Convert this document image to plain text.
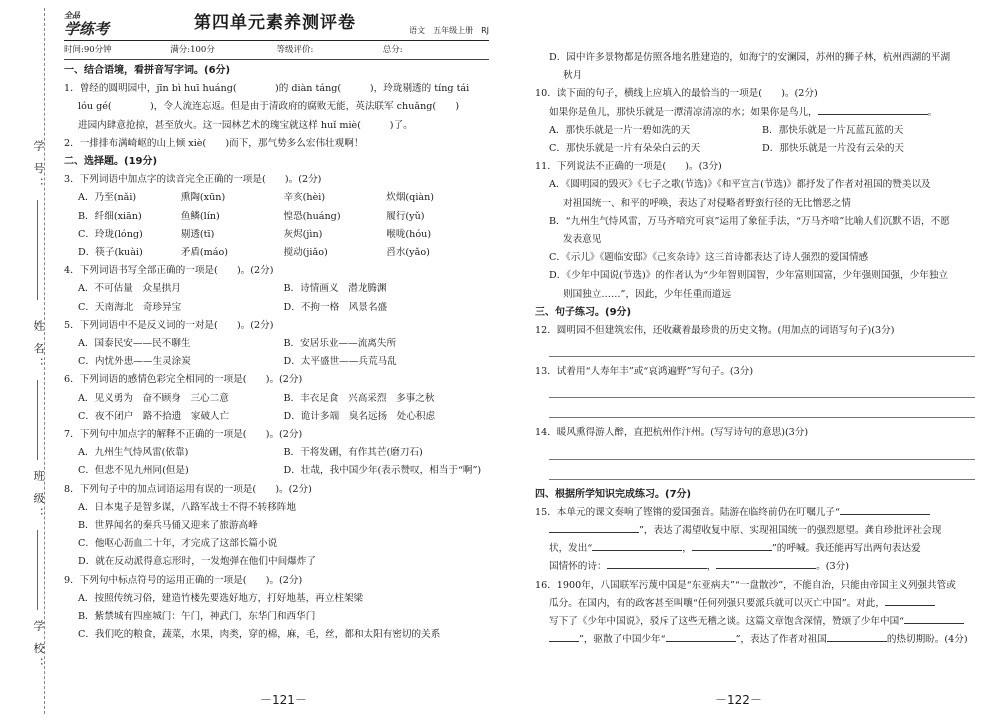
学 号：
姓 名：
班 级：
学 校：
全品
学练考	第四单元素养测评卷	语文　五年级上册　RJ
时间:90分钟	满分:100分	等级评价:	总分:
一、结合语境，看拼音写字词。(6分)
1．曾经的圆明园中，jīn bì huī huáng(　　　　)的 diàn táng(　　　)，玲珑剔透的 tíng tái
lóu gé(　　　　)，令人流连忘返。但是由于清政府的腐败无能，英法联军 chuǎng(　　)
进园内肆意抢掠，甚至放火。这一园林艺术的瑰宝就这样 huǐ miè(　　　)了。
2．一排排布满崎岖的山上倾 xiè(　　)而下，那气势多么宏伟壮观啊！
二、选择题。(19分)
3．下列词语中加点字的读音完全正确的一项是(　　)。(2分)
A．乃至(nǎi)	熏陶(xūn)	辛亥(hèi)	炊烟(qiàn)
B．纤细(xiān)	鱼鳞(lín)	惶恐(huáng)	履行(yǔ)
C．玲珑(lóng)	剔透(tī)	灰烬(jìn)	喉咙(hóu)
D．筷子(kuài)	矛盾(máo)	搅动(jiǎo)	舀水(yǎo)
4．下列词语书写全部正确的一项是(　　)。(2分)
A．不可估量　众星拱月	B．诗情画义　潜龙腾渊
C．天南海北　奇珍异宝	D．不拘一格　风景名盛
5．下列词语中不是反义词的一对是(　　)。(2分)
A．国泰民安——民不聊生	B．安居乐业——流离失所
C．内忧外患——生灵涂炭	D．太平盛世——兵荒马乱
6．下列词语的感情色彩完全相同的一项是(　　)。(2分)
A．见义勇为　奋不顾身　三心二意	B．丰衣足食　兴高采烈　多事之秋
C．夜不闭户　路不拾遗　家破人亡	D．诡计多端　臭名远扬　处心积虑
7．下列句中加点字的解释不正确的一项是(　　)。(2分)
A．九州生气恃风雷(依靠)	B．干将发硎，有作其芒(磨刀石)
C．但悲不见九州同(但是)	D．壮哉，我中国少年(表示赞叹，相当于“啊”)
8．下列句子中的加点词语运用有误的一项是(　　)。(2分)
A．日本鬼子是智多谋，八路军战士不得不转移阵地
B．世界闻名的秦兵马俑又迎来了旅游高峰
C．他呕心沥血二十年，才完成了这部长篇小说
D．就在反动派得意忘形时，一发炮弹在他们中间爆炸了
9．下列句中标点符号的运用正确的一项是(　　)。(2分)
A．按照传统习俗，建造竹楼先要选好地方，打好地基，再立柱架梁
B．紫禁城有四座城门：午门，神武门，东华门和西华门
C．我们吃的粮食，蔬菜，水果，肉类，穿的棉，麻，毛，丝，都和太阳有密切的关系
－121－
D．园中许多景物都是仿照各地名胜建造的，如海宁的安澜园，苏州的狮子林，杭州西湖的平湖
秋月
10．读下面的句子，横线上应填入的最恰当的一项是(　　)。(2分)
如果你是鱼儿，那快乐就是一潭清凉清凉的水；如果你是鸟儿，	。
A．那快乐就是一片一碧如洗的天	B．那快乐就是一片瓦蓝瓦蓝的天
C．那快乐就是一片有朵朵白云的天	D．那快乐就是一片没有云朵的天
11．下列说法不正确的一项是(　　)。(3分)
A．《圆明园的毁灭》《七子之歌(节选)》《和平宣言(节选)》都抒发了作者对祖国的赞美以及
对祖国统一、和平的呼唤，表达了对侵略者野蛮行径的无比憎恶之情
B．“九州生气恃风雷，万马齐喑究可哀”运用了象征手法，“万马齐喑”比喻人们沉默不语，不愿
发表意见
C．《示儿》《题临安邸》《己亥杂诗》这三首诗都表达了诗人强烈的爱国情感
D．《少年中国说(节选)》的作者认为“少年智则国智，少年富则国富，少年强则国强，少年独立
则国独立……”，因此，少年任重而道远
三、句子练习。(9分)
12．圆明园不但建筑宏伟，还收藏着最珍贵的历史文物。(用加点的词语写句子)(3分)
13．试着用“人寿年丰”或“哀鸿遍野”写句子。(3分)
14．暖风熏得游人醉，直把杭州作汴州。(写写诗句的意思)(3分)
四、根据所学知识完成练习。(7分)
15．本单元的课文奏响了铿锵的爱国强音。陆游在临终前仍在叮嘱儿子“
”，表达了渴望收复中原、实现祖国统一的强烈愿望。龚自珍批评社会现
状，发出“	，	”的呼喊。我还能再写出两句表达爱
国情怀的诗：	，	。(3分)
16．1900年，八国联军污蔑中国是“东亚病夫”“一盘散沙”，不能自治，只能由帝国主义列强共管或
瓜分。在国内，有的政客甚至叫嚷“任何列强只要派兵就可以灭亡中国”。对此，
写下了《少年中国说》，驳斥了这些无稽之谈。这篇文章饱含深情，赞颂了少年中国“
”，驱散了中国少年“	”，表达了作者对祖国	的热切期盼。(4分)
－122－
